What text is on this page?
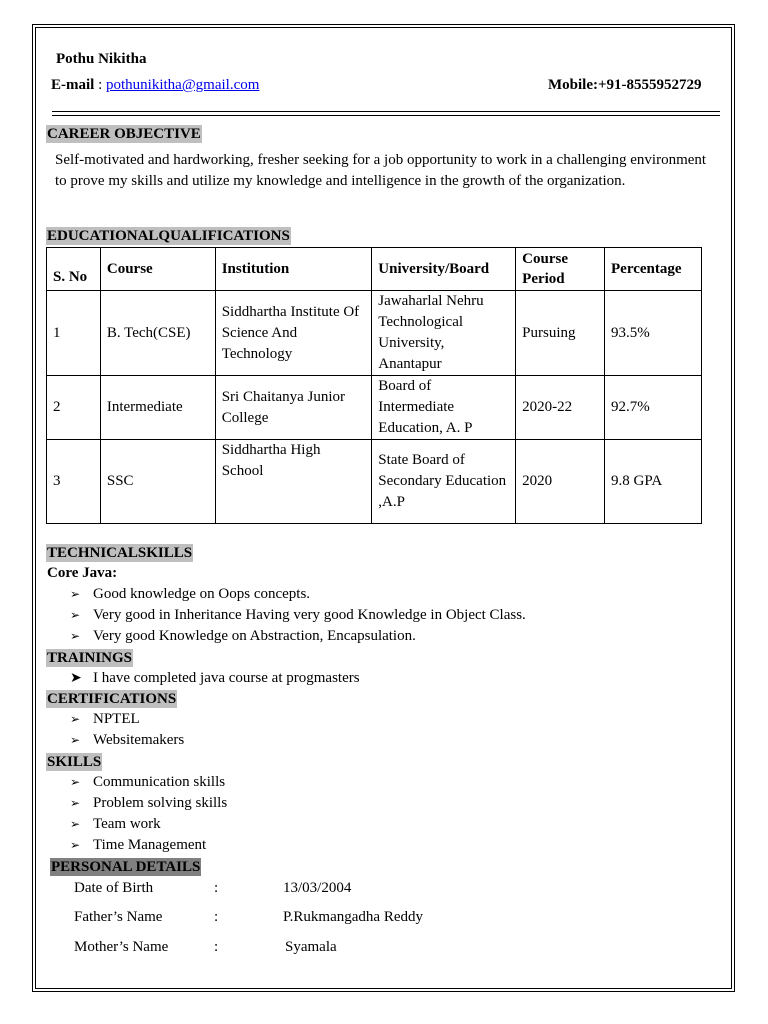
Pothu Nikitha
E-mail : pothunikitha@gmail.com	Mobile:+91-8555952729
CAREER OBJECTIVE
Self-motivated and hardworking, fresher seeking for a job opportunity to work in a challenging environment to prove my skills and utilize my knowledge and intelligence in the growth of the organization.
EDUCATIONALQUALIFICATIONS
S. No	Course	Institution	University/Board	Course Period	Percentage
1	B. Tech(CSE)	Siddhartha Institute Of Science And Technology	Jawaharlal Nehru Technological University, Anantapur	Pursuing	93.5%
2	Intermediate	Sri Chaitanya Junior College	Board of Intermediate Education, A. P	2020-22	92.7%
3	SSC	Siddhartha High School	State Board of Secondary Education ,A.P	2020	9.8 GPA
TECHNICALSKILLS
Core Java:
➢ Good knowledge on Oops concepts.
➢ Very good in Inheritance Having very good Knowledge in Object Class.
➢ Very good Knowledge on Abstraction, Encapsulation.
TRAININGS
➤ I have completed java course at progmasters
CERTIFICATIONS
➢ NPTEL
➢ Websitemakers
SKILLS
➢ Communication skills
➢ Problem solving skills
➢ Team work
➢ Time Management
PERSONAL DETAILS
Date of Birth	:	13/03/2004
Father’s Name	:	P.Rukmangadha Reddy
Mother’s Name	:	Syamala
